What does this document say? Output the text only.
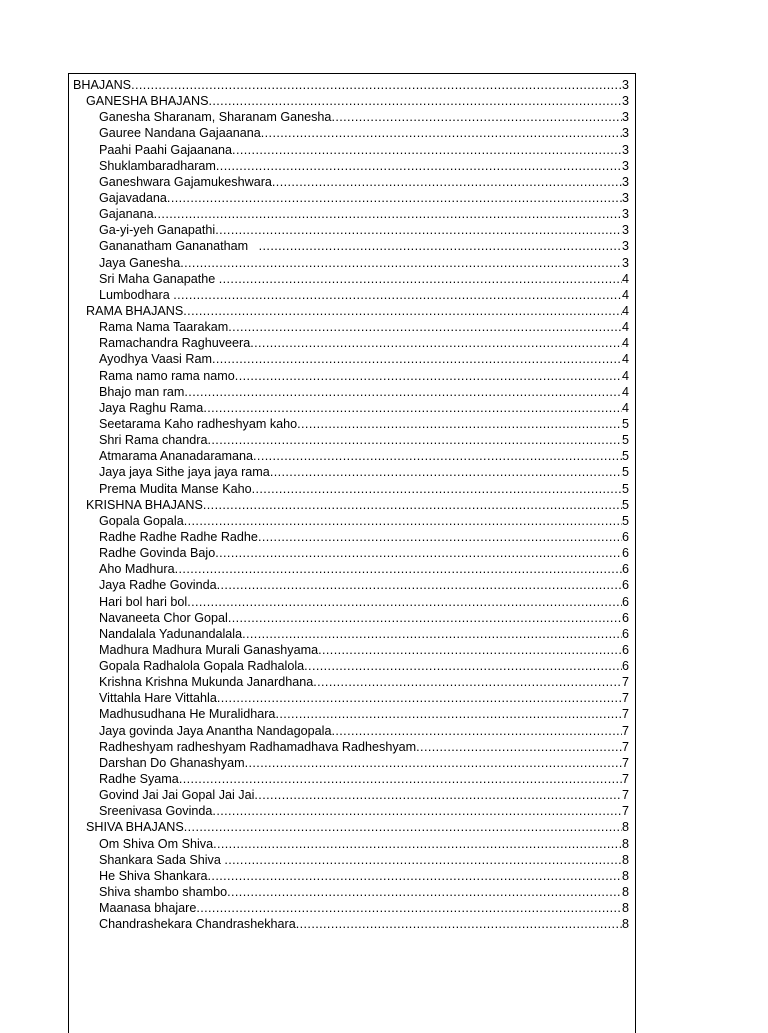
BHAJANS .....	3
GANESHA BHAJANS .....	3
Ganesha Sharanam, Sharanam Ganesha .....	3
Gauree Nandana Gajaanana .....	3
Paahi Paahi Gajaanana .....	3
Shuklambaradharam .....	3
Ganeshwara Gajamukeshwara .....	3
Gajavadana .....	3
Gajanana .....	3
Ga-yi-yeh Ganapathi .....	3
Gananatham Gananatham .....	3
Jaya Ganesha .....	3
Sri Maha Ganapathe .....	4
Lumbodhara .....	4
RAMA BHAJANS .....	4
Rama Nama Taarakam .....	4
Ramachandra Raghuveera .....	4
Ayodhya Vaasi Ram .....	4
Rama namo rama namo .....	4
Bhajo man ram .....	4
Jaya Raghu Rama .....	4
Seetarama Kaho radheshyam kaho .....	5
Shri Rama chandra .....	5
Atmarama Ananadaramana .....	5
Jaya jaya Sithe jaya jaya rama .....	5
Prema Mudita Manse Kaho .....	5
KRISHNA BHAJANS .....	5
Gopala Gopala .....	5
Radhe Radhe Radhe Radhe .....	6
Radhe Govinda Bajo .....	6
Aho Madhura .....	6
Jaya Radhe Govinda .....	6
Hari bol hari bol .....	6
Navaneeta Chor Gopal .....	6
Nandalala Yadunandalala .....	6
Madhura Madhura Murali Ganashyama .....	6
Gopala Radhalola Gopala Radhalola .....	6
Krishna Krishna Mukunda Janardhana .....	7
Vittahla Hare Vittahla .....	7
Madhusudhana He Muralidhara .....	7
Jaya govinda Jaya Anantha Nandagopala .....	7
Radheshyam radheshyam Radhamadhava Radheshyam .....	7
Darshan Do Ghanashyam .....	7
Radhe Syama .....	7
Govind Jai Jai Gopal Jai Jai .....	7
Sreenivasa Govinda .....	7
SHIVA BHAJANS .....	8
Om Shiva Om Shiva .....	8
Shankara Sada Shiva .....	8
He Shiva Shankara .....	8
Shiva shambo shambo .....	8
Maanasa bhajare .....	8
Chandrashekara Chandrashekhara .....	8
